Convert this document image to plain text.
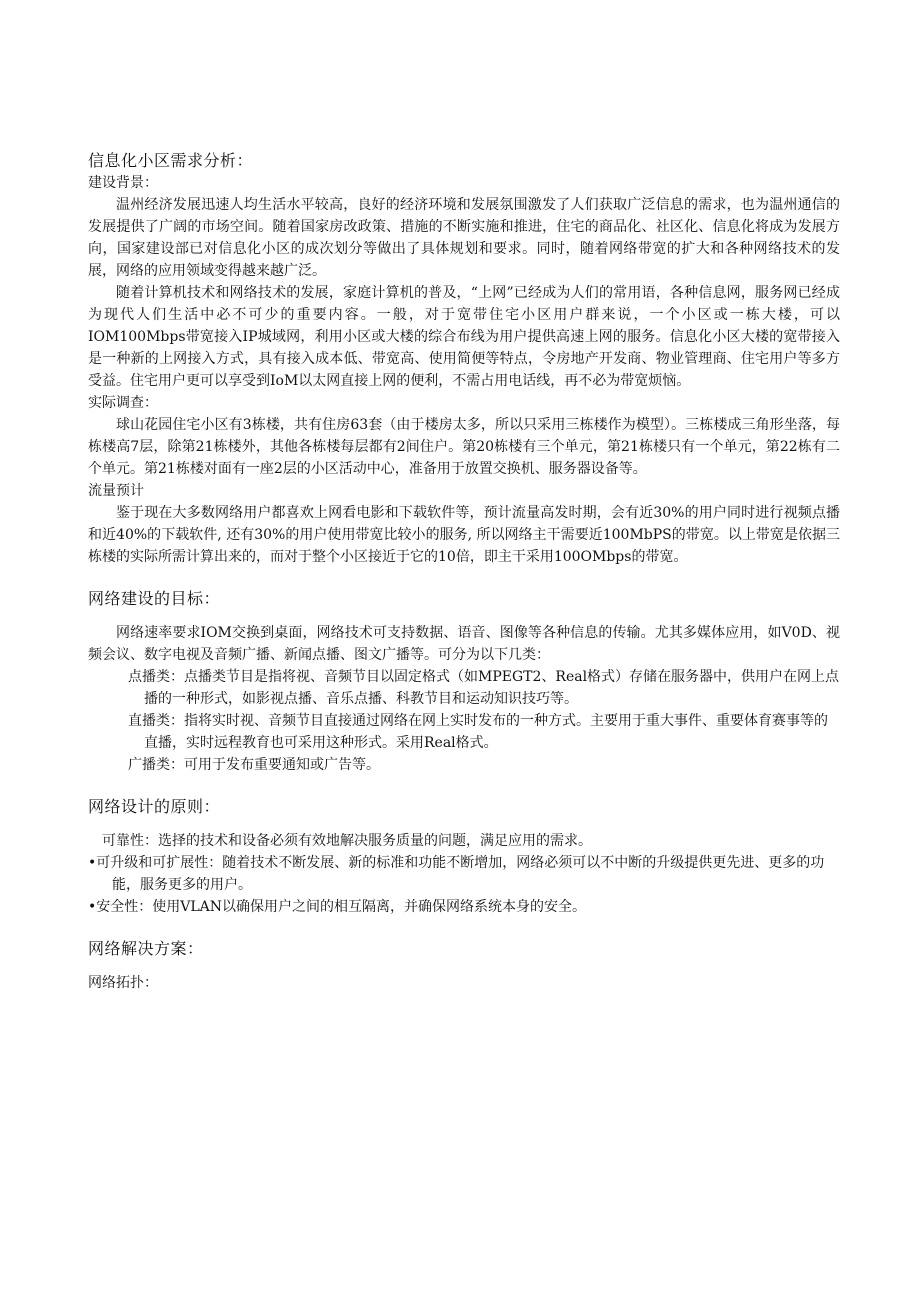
信息化小区需求分析：

建设背景：

温州经济发展迅速人均生活水平较高，良好的经济环境和发展氛围激发了人们获取广泛信息的需求，也为温州通信的发展提供了广阔的市场空间。随着国家房改政策、措施的不断实施和推进，住宅的商品化、社区化、信息化将成为发展方向，国家建设部已对信息化小区的成次划分等做出了具体规划和要求。同时，随着网络带宽的扩大和各种网络技术的发展，网络的应用领域变得越来越广泛。

随着计算机技术和网络技术的发展，家庭计算机的普及，“上网”已经成为人们的常用语，各种信息网，服务网已经成为现代人们生活中必不可少的重要内容。一般，对于宽带住宅小区用户群来说，一个小区或一栋大楼，可以IOM100Mbps带宽接入IP城域网，利用小区或大楼的综合布线为用户提供高速上网的服务。信息化小区大楼的宽带接入是一种新的上网接入方式，具有接入成本低、带宽高、使用简便等特点，令房地产开发商、物业管理商、住宅用户等多方受益。住宅用户更可以享受到IoM以太网直接上网的便利，不需占用电话线，再不必为带宽烦恼。

实际调查：

球山花园住宅小区有3栋楼，共有住房63套（由于楼房太多，所以只采用三栋楼作为模型）。三栋楼成三角形坐落，每栋楼高7层，除第21栋楼外，其他各栋楼每层都有2间住户。第20栋楼有三个单元，第21栋楼只有一个单元，第22栋有二个单元。第21栋楼对面有一座2层的小区活动中心，准备用于放置交换机、服务器设备等。

流量预计

鉴于现在大多数网络用户都喜欢上网看电影和下载软件等，预计流量高发时期，会有近30%的用户同时进行视频点播和近40%的下载软件, 还有30%的用户使用带宽比较小的服务, 所以网络主干需要近100MbPS的带宽。以上带宽是依据三栋楼的实际所需计算出来的，而对于整个小区接近于它的10倍，即主干采用100OMbps的带宽。

网络建设的目标：

网络速率要求IOM交换到桌面，网络技术可支持数据、语音、图像等各种信息的传输。尤其多媒体应用，如V0D、视频会议、数字电视及音频广播、新闻点播、图文广播等。可分为以下几类：

点播类：点播类节目是指将视、音频节目以固定格式（如MPEGT2、Real格式）存储在服务器中，供用户在网上点播的一种形式，如影视点播、音乐点播、科教节目和运动知识技巧等。

直播类：指将实时视、音频节目直接通过网络在网上实时发布的一种方式。主要用于重大事件、重要体育赛事等的直播，实时远程教育也可采用这种形式。采用Real格式。

广播类：可用于发布重要通知或广告等。

网络设计的原则：

可靠性：选择的技术和设备必须有效地解决服务质量的问题，满足应用的需求。

•可升级和可扩展性：随着技术不断发展、新的标准和功能不断增加，网络必须可以不中断的升级提供更先进、更多的功能，服务更多的用户。

•安全性：使用VLAN以确保用户之间的相互隔离，并确保网络系统本身的安全。

网络解决方案：

网络拓扑：
